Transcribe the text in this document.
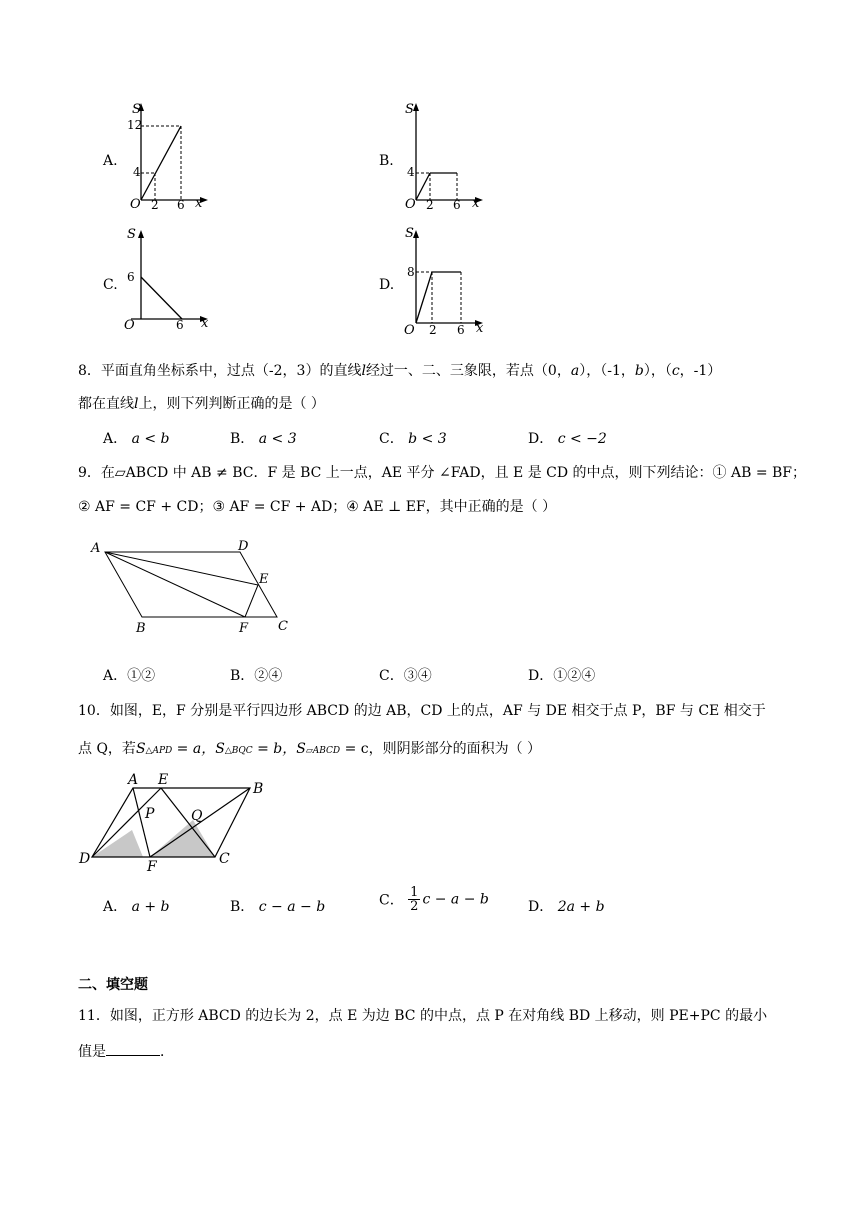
A.
S
12
4
O 2 6 x
B.
S
4
O 2 6 x
C.
S
6
O	6 x
D.
S
8
O 2 6 x
8．平面直角坐标系中，过点（-2，3）的直线l经过一、二、三象限，若点（0，a），（-1，b），（c，-1）
都在直线l上，则下列判断正确的是（ ）
A． a < b	B． a < 3	C． b < 3	D． c < −2
9．在▱ABCD 中 AB ≠ BC．F 是 BC 上一点，AE 平分 ∠FAD，且 E 是 CD 的中点，则下列结论：① AB = BF；
② AF = CF + CD；③ AF = CF + AD；④ AE ⊥ EF，其中正确的是（ ）
A	D
E
B	F C
A．①②	B．②④	C．③④	D．①②④
10．如图，E，F 分别是平行四边形 ABCD 的边 AB，CD 上的点，AF 与 DE 相交于点 P，BF 与 CE 相交于
点 Q，若S△APD = a，S△BQC = b，S▱ABCD = c，则阴影部分的面积为（ ）
A E
B
P	Q
D	F	C
A． a + b	B． c − a − b	C． $\frac{1}{2}$ c − a − b	D． 2a + b
二、填空题
11．如图，正方形 ABCD 的边长为 2，点 E 为边 BC 的中点，点 P 在对角线 BD 上移动，则 PE+PC 的最小
值是	．
